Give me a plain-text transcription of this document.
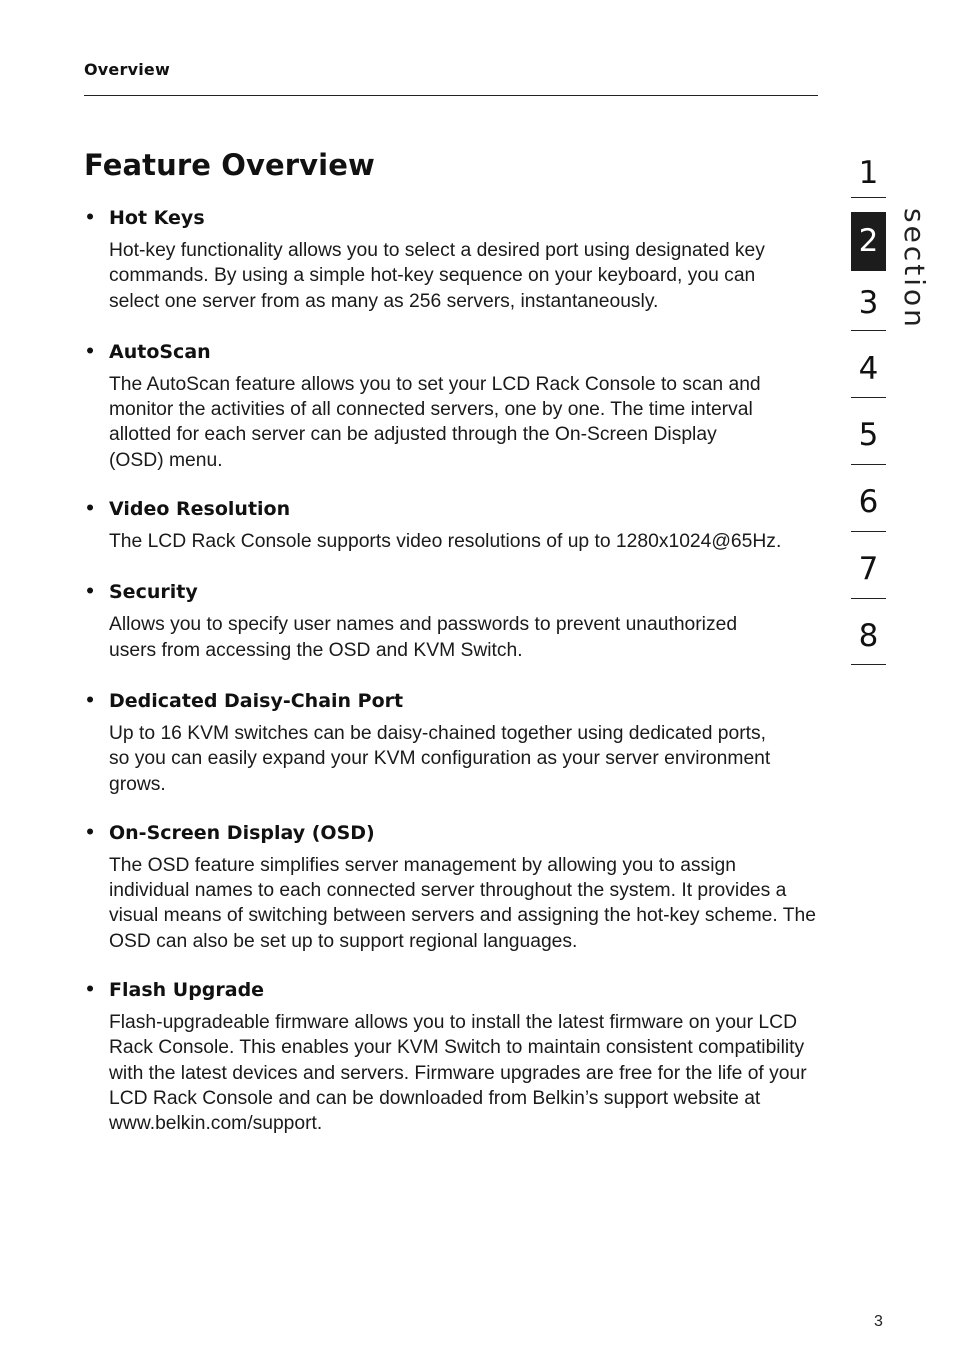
Overview
Feature Overview
• Hot Keys

Hot-key functionality allows you to select a desired port using designated key commands. By using a simple hot-key sequence on your keyboard, you can select one server from as many as 256 servers, instantaneously.

• AutoScan

The AutoScan feature allows you to set your LCD Rack Console to scan and monitor the activities of all connected servers, one by one. The time interval allotted for each server can be adjusted through the On-Screen Display (OSD) menu.

• Video Resolution

The LCD Rack Console supports video resolutions of up to 1280x1024@65Hz.

• Security

Allows you to specify user names and passwords to prevent unauthorized users from accessing the OSD and KVM Switch.

• Dedicated Daisy-Chain Port

Up to 16 KVM switches can be daisy-chained together using dedicated ports, so you can easily expand your KVM configuration as your server environment grows.

• On-Screen Display (OSD)

The OSD feature simplifies server management by allowing you to assign individual names to each connected server throughout the system. It provides a visual means of switching between servers and assigning the hot-key scheme. The OSD can also be set up to support regional languages.

• Flash Upgrade

Flash-upgradeable firmware allows you to install the latest firmware on your LCD Rack Console. This enables your KVM Switch to maintain consistent compatibility with the latest devices and servers. Firmware upgrades are free for the life of your LCD Rack Console and can be downloaded from Belkin’s support website at www.belkin.com/support.

section
1
2
3
4
5
6
7
8
3
